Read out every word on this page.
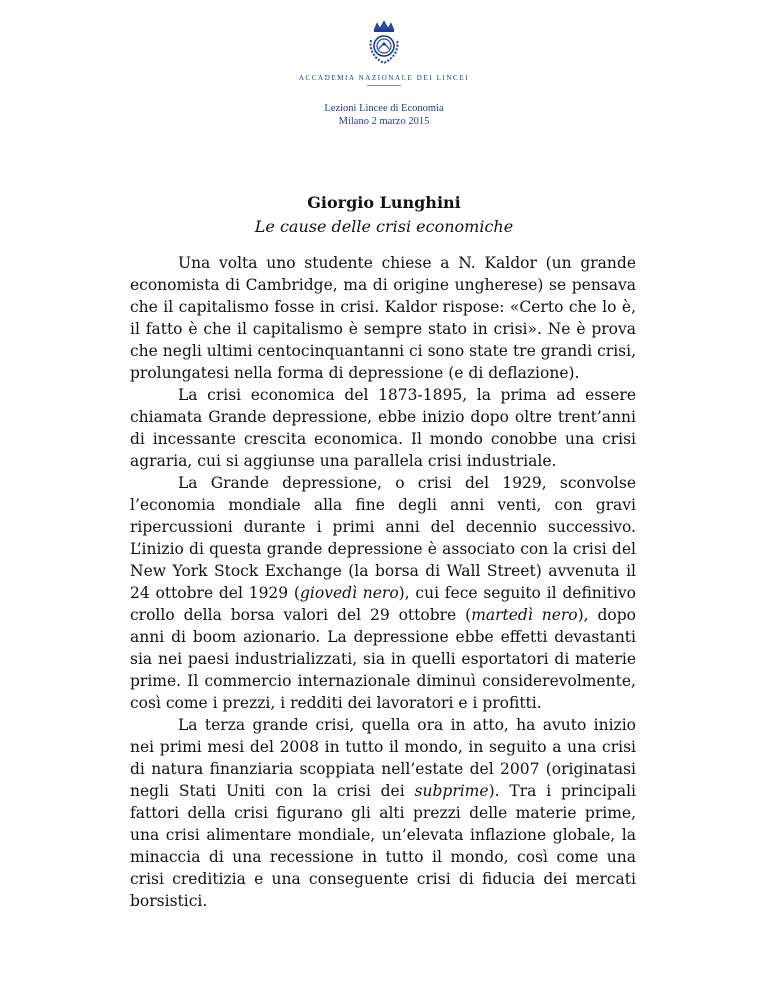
ACCADEMIA NAZIONALE DEI LINCEI
Lezioni Lincee di Economia
Milano 2 marzo 2015
Giorgio Lunghini
Le cause delle crisi economiche

Una volta uno studente chiese a N. Kaldor (un grande economista di Cambridge, ma di origine ungherese) se pensava che il capitalismo fosse in crisi. Kaldor rispose: «Certo che lo è, il fatto è che il capitalismo è sempre stato in crisi». Ne è prova che negli ultimi centocinquantanni ci sono state tre grandi crisi, prolungatesi nella forma di depressione (e di deflazione).

La crisi economica del 1873-1895, la prima ad essere chiamata Grande depressione, ebbe inizio dopo oltre trent’anni di incessante crescita economica. Il mondo conobbe una crisi agraria, cui si aggiunse una parallela crisi industriale.

La Grande depressione, o crisi del 1929, sconvolse l’economia mondiale alla fine degli anni venti, con gravi ripercussioni durante i primi anni del decennio successivo. L’inizio di questa grande depressione è associato con la crisi del New York Stock Exchange (la borsa di Wall Street) avvenuta il 24 ottobre del 1929 (giovedì nero), cui fece seguito il definitivo crollo della borsa valori del 29 ottobre (martedì nero), dopo anni di boom azionario. La depressione ebbe effetti devastanti sia nei paesi industrializzati, sia in quelli esportatori di materie prime. Il commercio internazionale diminuì considerevolmente, così come i prezzi, i redditi dei lavoratori e i profitti.

La terza grande crisi, quella ora in atto, ha avuto inizio nei primi mesi del 2008 in tutto il mondo, in seguito a una crisi di natura finanziaria scoppiata nell’estate del 2007 (originatasi negli Stati Uniti con la crisi dei subprime). Tra i principali fattori della crisi figurano gli alti prezzi delle materie prime, una crisi alimentare mondiale, un’elevata inflazione globale, la minaccia di una recessione in tutto il mondo, così come una crisi creditizia e una conseguente crisi di fiducia dei mercati borsistici.
